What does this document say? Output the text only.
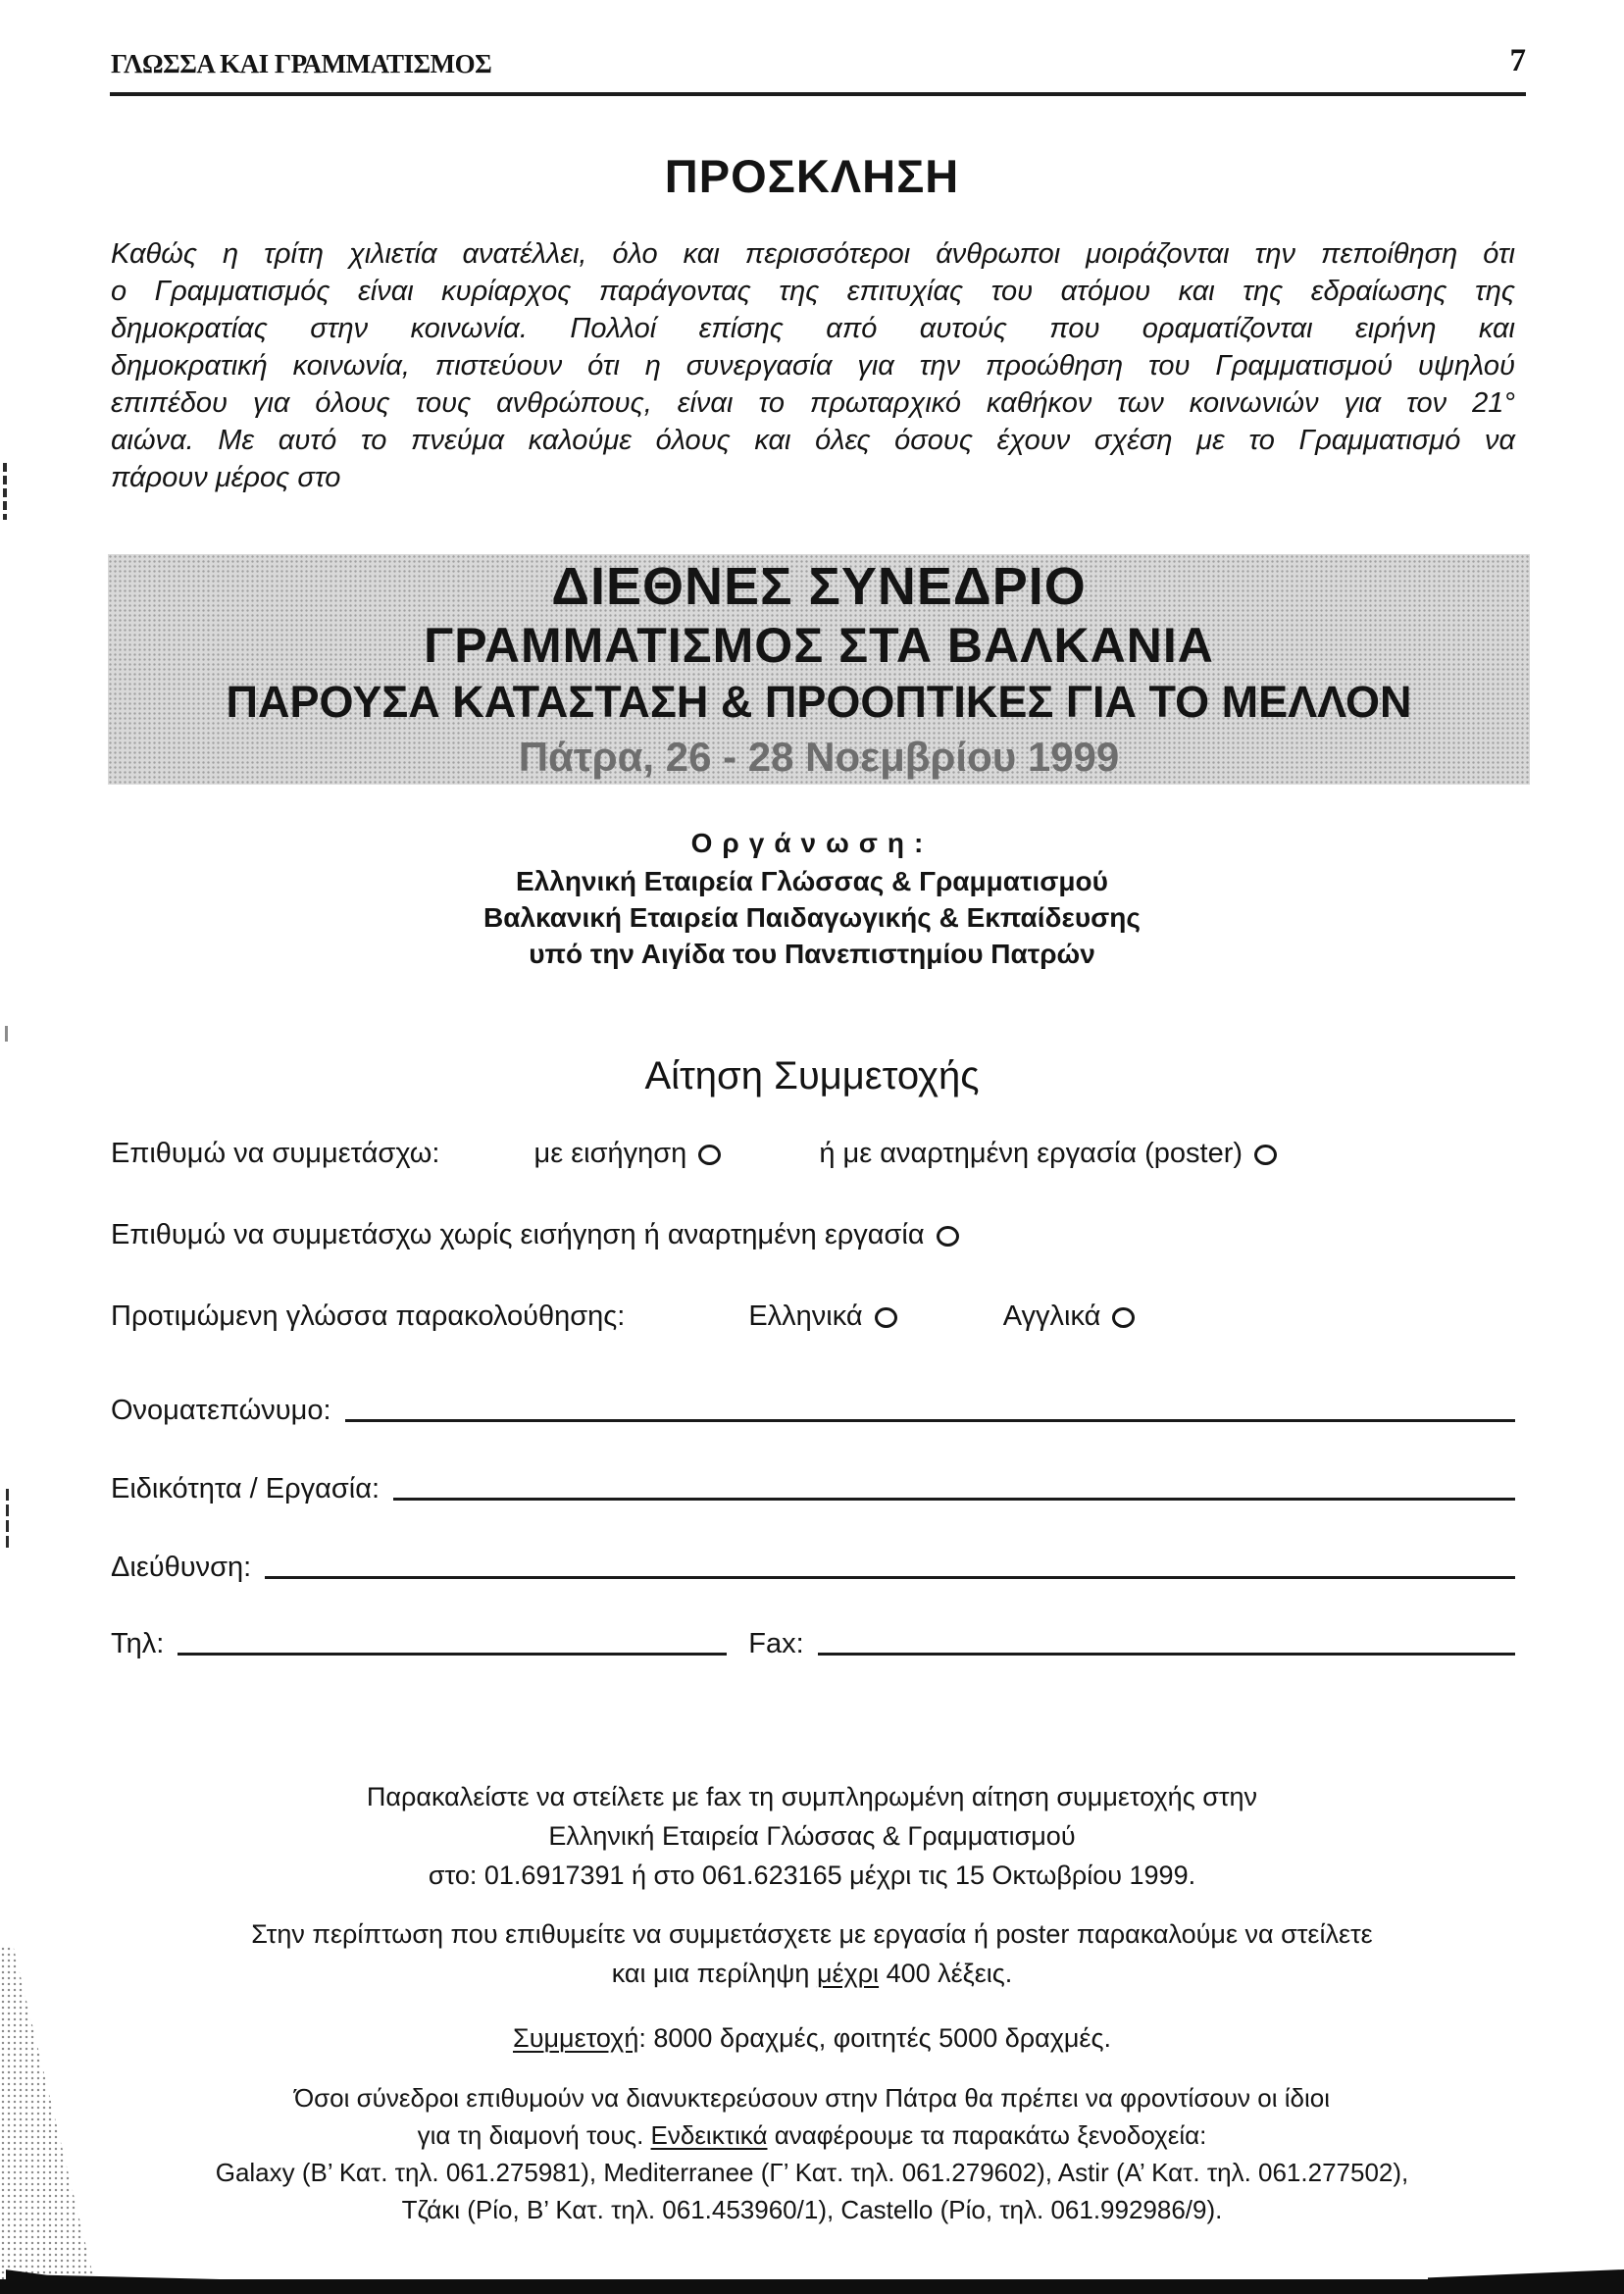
ΓΛΩΣΣΑ ΚΑΙ ΓΡΑΜΜΑΤΙΣΜΟΣ	7
ΠΡΟΣΚΛΗΣΗ
Καθώς η τρίτη χιλιετία ανατέλλει, όλο και περισσότεροι άνθρωποι μοιράζονται την πεποίθηση ότι
ο Γραμματισμός είναι κυρίαρχος παράγοντας της επιτυχίας του ατόμου και της εδραίωσης της
δημοκρατίας στην κοινωνία. Πολλοί επίσης από αυτούς που οραματίζονται ειρήνη και
δημοκρατική κοινωνία, πιστεύουν ότι η συνεργασία για την προώθηση του Γραμματισμού υψηλού
επιπέδου για όλους τους ανθρώπους, είναι το πρωταρχικό καθήκον των κοινωνιών για τον 21°
αιώνα. Με αυτό το πνεύμα καλούμε όλους και όλες όσους έχουν σχέση με το Γραμματισμό να
πάρουν μέρος στο
ΔΙΕΘΝΕΣ ΣΥΝΕΔΡΙΟ
ΓΡΑΜΜΑΤΙΣΜΟΣ ΣΤΑ ΒΑΛΚΑΝΙΑ
ΠΑΡΟΥΣΑ ΚΑΤΑΣΤΑΣΗ & ΠΡΟΟΠΤΙΚΕΣ ΓΙΑ ΤΟ ΜΕΛΛΟΝ
Πάτρα, 26 - 28 Νοεμβρίου 1999
Οργάνωση:
Ελληνική Εταιρεία Γλώσσας & Γραμματισμού
Βαλκανική Εταιρεία Παιδαγωγικής & Εκπαίδευσης
υπό την Αιγίδα του Πανεπιστημίου Πατρών
Αίτηση Συμμετοχής
Επιθυμώ να συμμετάσχω:	με εισήγηση	ή με αναρτημένη εργασία (poster)
Επιθυμώ να συμμετάσχω χωρίς εισήγηση ή αναρτημένη εργασία
Προτιμώμενη γλώσσα παρακολούθησης:	Ελληνικά	Αγγλικά
Ονοματεπώνυμο:
Ειδικότητα / Εργασία:
Διεύθυνση:
Τηλ:	Fax:
Παρακαλείστε να στείλετε με fax τη συμπληρωμένη αίτηση συμμετοχής στην
Ελληνική Εταιρεία Γλώσσας & Γραμματισμού
στο: 01.6917391 ή στο 061.623165 μέχρι τις 15 Οκτωβρίου 1999.
Στην περίπτωση που επιθυμείτε να συμμετάσχετε με εργασία ή poster παρακαλούμε να στείλετε
και μια περίληψη μέχρι 400 λέξεις.
Συμμετοχή: 8000 δραχμές, φοιτητές 5000 δραχμές.
Όσοι σύνεδροι επιθυμούν να διανυκτερεύσουν στην Πάτρα θα πρέπει να φροντίσουν οι ίδιοι
για τη διαμονή τους. Ενδεικτικά αναφέρουμε τα παρακάτω ξενοδοχεία:
Galaxy (Β’ Κατ. τηλ. 061.275981), Mediterranee (Γ’ Κατ. τηλ. 061.279602), Astir (Α’ Κατ. τηλ. 061.277502),
Τζάκι (Ρίο, Β’ Κατ. τηλ. 061.453960/1), Castello (Ρίο, τηλ. 061.992986/9).
